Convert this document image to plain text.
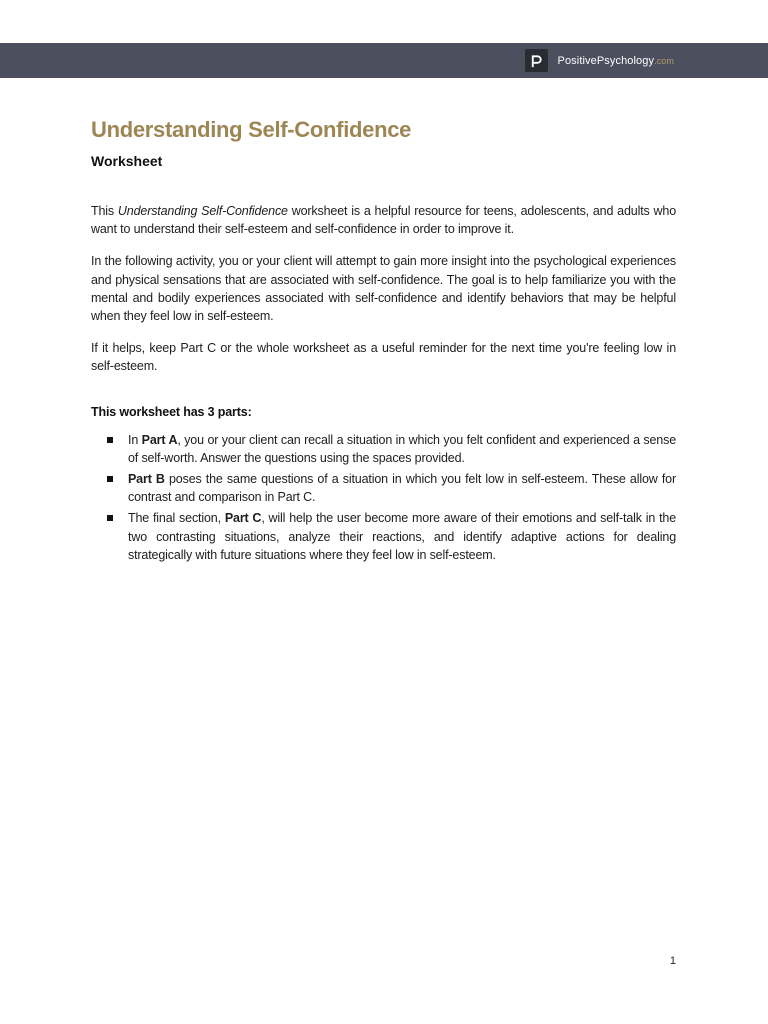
PositivePsychology.com
Understanding Self-Confidence
Worksheet

This Understanding Self-Confidence worksheet is a helpful resource for teens, adolescents, and adults who want to understand their self-esteem and self-confidence in order to improve it.

In the following activity, you or your client will attempt to gain more insight into the psychological experiences and physical sensations that are associated with self-confidence. The goal is to help familiarize you with the mental and bodily experiences associated with self-confidence and identify behaviors that may be helpful when they feel low in self-esteem.

If it helps, keep Part C or the whole worksheet as a useful reminder for the next time you're feeling low in self-esteem.

This worksheet has 3 parts:

In Part A, you or your client can recall a situation in which you felt confident and experienced a sense of self-worth. Answer the questions using the spaces provided.
Part B poses the same questions of a situation in which you felt low in self-esteem. These allow for contrast and comparison in Part C.
The final section, Part C, will help the user become more aware of their emotions and self-talk in the two contrasting situations, analyze their reactions, and identify adaptive actions for dealing strategically with future situations where they feel low in self-esteem.
1
